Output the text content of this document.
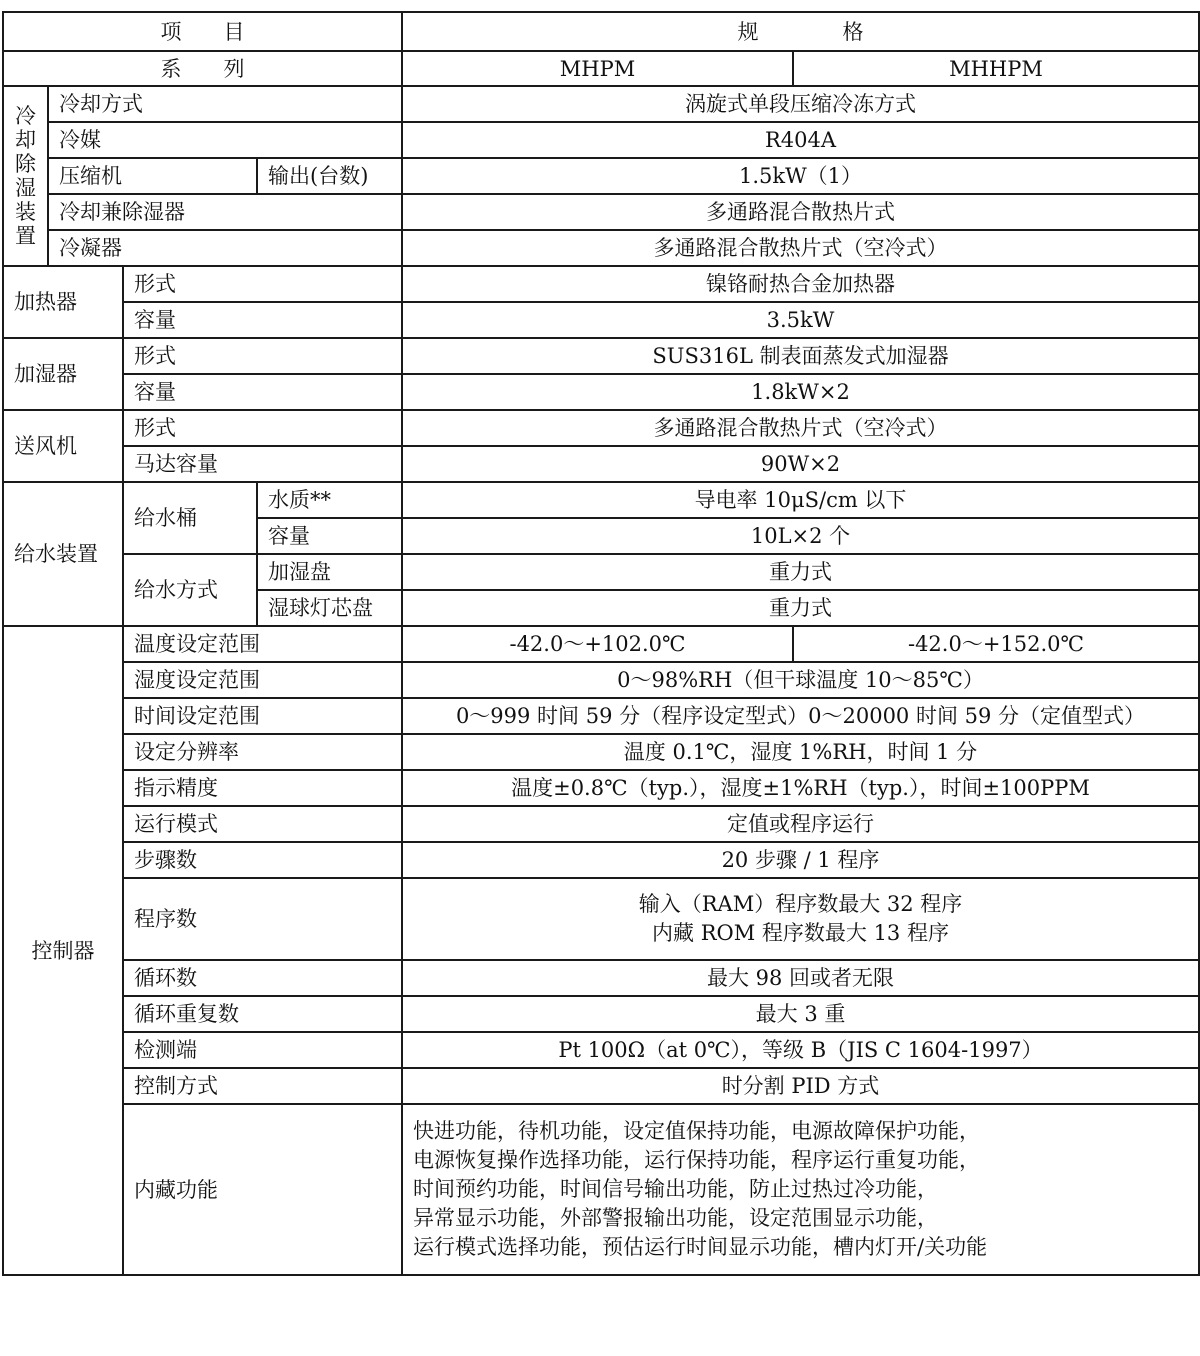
项　　目				规　　　　格	
系　　列				MHPM	MHHPM
冷却除湿装置	冷却方式			涡旋式单段压缩冷冻方式	
	冷媒			R404A	
	压缩机		输出(台数)	1.5kW（1）	
	冷却兼除湿器			多通路混合散热片式	
	冷凝器			多通路混合散热片式（空冷式）	
加热器		形式		镍铬耐热合金加热器	
		容量		3.5kW	
加湿器		形式		SUS316L 制表面蒸发式加湿器	
		容量		1.8kW×2	
送风机		形式		多通路混合散热片式（空冷式）	
		马达容量		90W×2	
给水装置		给水桶	水质**	导电率 10μS/cm 以下	
			容量	10L×2 个	
		给水方式	加湿盘	重力式	
			湿球灯芯盘	重力式	
控制器		温度设定范围		-42.0～+102.0℃	-42.0～+152.0℃
		湿度设定范围		0～98%RH（但干球温度 10～85℃）	
		时间设定范围		0～999 时间 59 分（程序设定型式）0～20000 时间 59 分（定值型式）	
		设定分辨率		温度 0.1℃，湿度 1%RH，时间 1 分	
		指示精度		温度±0.8℃（typ.），湿度±1%RH（typ.），时间±100PPM	
		运行模式		定值或程序运行	
		步骤数		20 步骤 / 1 程序	
		程序数		输入（RAM）程序数最大 32 程序
内藏 ROM 程序数最大 13 程序	

		循环数		最大 98 回或者无限	
		循环重复数		最大 3 重	
		检测端		Pt 100Ω（at 0℃），等级 B（JIS C 1604-1997）	
		控制方式		时分割 PID 方式	
		内藏功能		快进功能，待机功能，设定值保持功能，电源故障保护功能，
电源恢复操作选择功能，运行保持功能，程序运行重复功能，
时间预约功能，时间信号输出功能，防止过热过冷功能，
异常显示功能，外部警报输出功能，设定范围显示功能，
运行模式选择功能，预估运行时间显示功能，槽内灯开/关功能	
